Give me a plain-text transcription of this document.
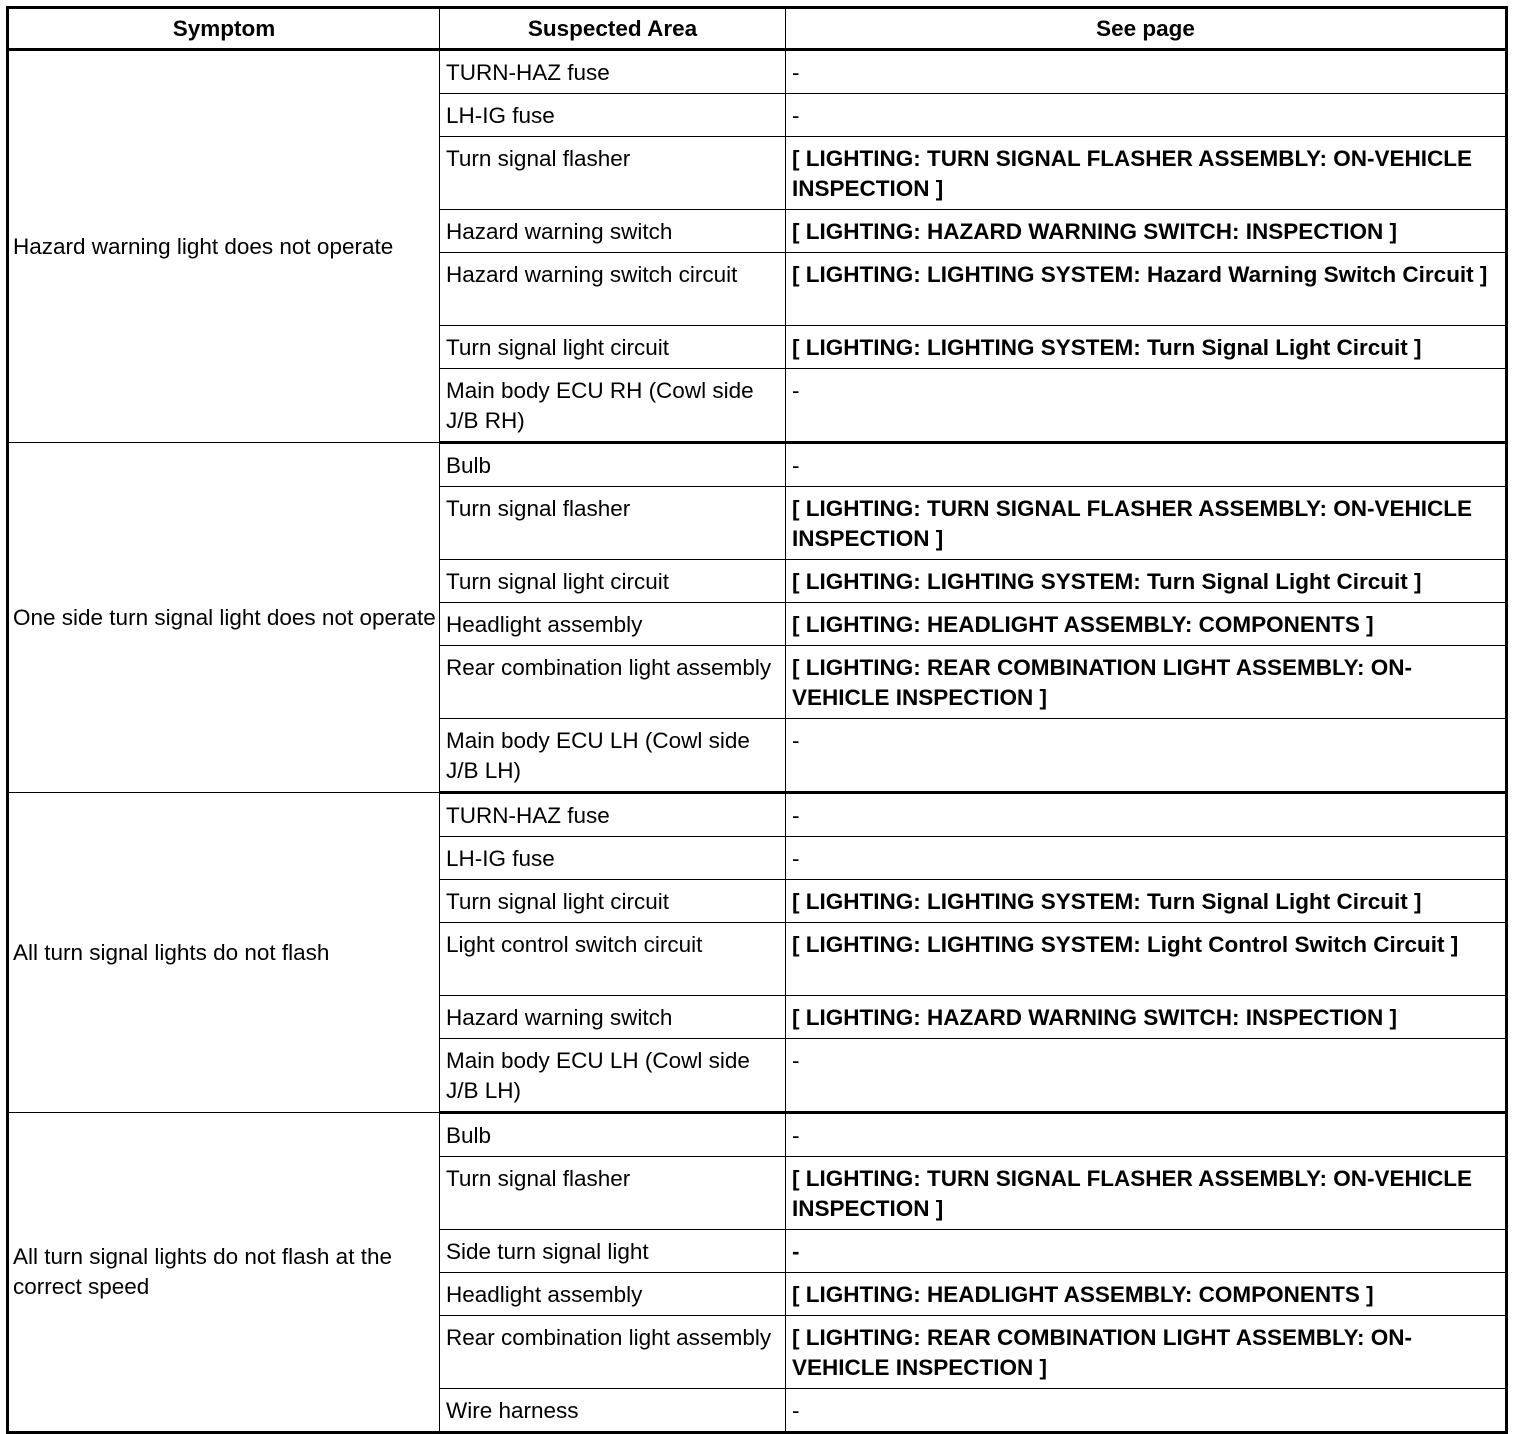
Symptom	Suspected Area	See page
Hazard warning light does not operate	TURN-HAZ fuse	-
	LH-IG fuse	-
	Turn signal flasher	[ LIGHTING: TURN SIGNAL FLASHER ASSEMBLY: ON-VEHICLE INSPECTION ]
	Hazard warning switch	[ LIGHTING: HAZARD WARNING SWITCH: INSPECTION ]
	Hazard warning switch circuit	[ LIGHTING: LIGHTING SYSTEM: Hazard Warning Switch Circuit ]
	Turn signal light circuit	[ LIGHTING: LIGHTING SYSTEM: Turn Signal Light Circuit ]
	Main body ECU RH (Cowl side J/B RH)	-
One side turn signal light does not operate	Bulb	-
	Turn signal flasher	[ LIGHTING: TURN SIGNAL FLASHER ASSEMBLY: ON-VEHICLE INSPECTION ]
	Turn signal light circuit	[ LIGHTING: LIGHTING SYSTEM: Turn Signal Light Circuit ]
	Headlight assembly	[ LIGHTING: HEADLIGHT ASSEMBLY: COMPONENTS ]
	Rear combination light assembly	[ LIGHTING: REAR COMBINATION LIGHT ASSEMBLY: ON-VEHICLE INSPECTION ]
	Main body ECU LH (Cowl side J/B LH)	-
All turn signal lights do not flash	TURN-HAZ fuse	-
	LH-IG fuse	-
	Turn signal light circuit	[ LIGHTING: LIGHTING SYSTEM: Turn Signal Light Circuit ]
	Light control switch circuit	[ LIGHTING: LIGHTING SYSTEM: Light Control Switch Circuit ]
	Hazard warning switch	[ LIGHTING: HAZARD WARNING SWITCH: INSPECTION ]
	Main body ECU LH (Cowl side J/B LH)	-
All turn signal lights do not flash at the correct speed	Bulb	-
	Turn signal flasher	[ LIGHTING: TURN SIGNAL FLASHER ASSEMBLY: ON-VEHICLE INSPECTION ]
	Side turn signal light	-
	Headlight assembly	[ LIGHTING: HEADLIGHT ASSEMBLY: COMPONENTS ]
	Rear combination light assembly	[ LIGHTING: REAR COMBINATION LIGHT ASSEMBLY: ON-VEHICLE INSPECTION ]
	Wire harness	-
